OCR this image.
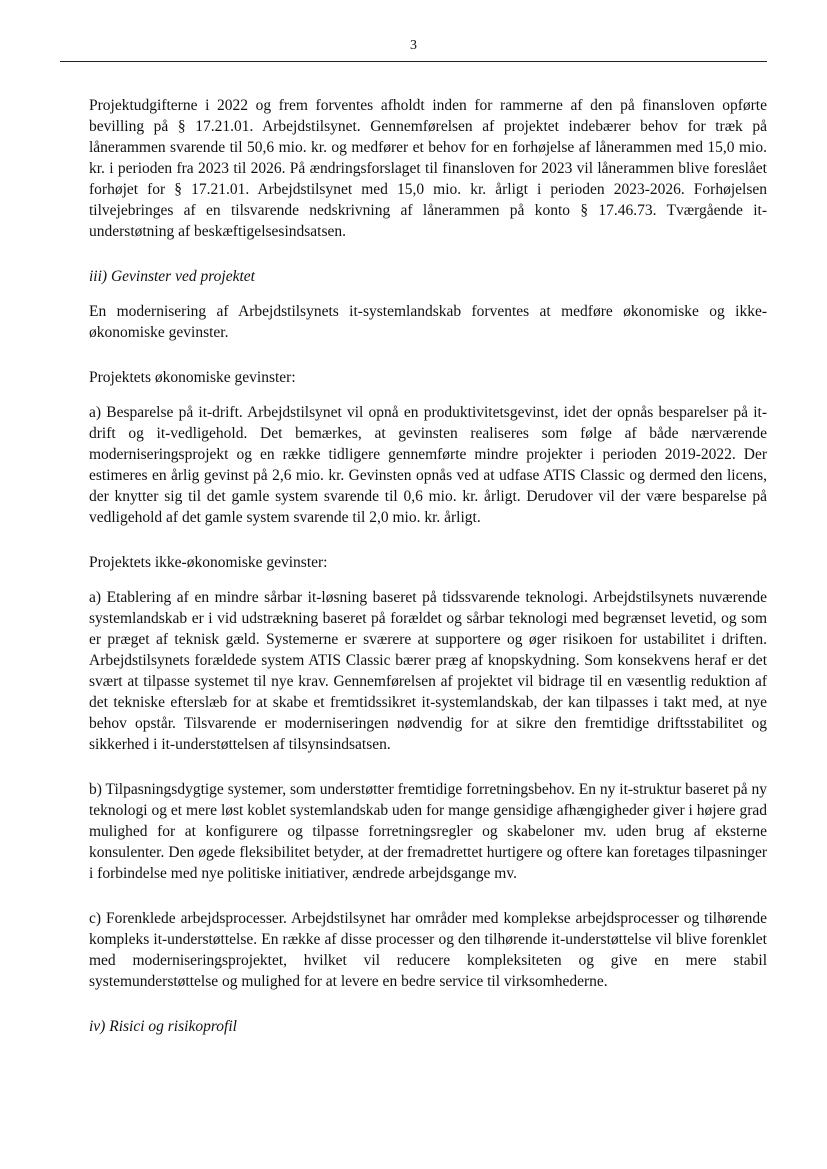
3

Projektudgifterne i 2022 og frem forventes afholdt inden for rammerne af den på finansloven opførte bevilling på § 17.21.01. Arbejdstilsynet. Gennemførelsen af projektet indebærer behov for træk på lånerammen svarende til 50,6 mio. kr. og medfører et behov for en forhøjelse af lånerammen med 15,0 mio. kr. i perioden fra 2023 til 2026. På ændringsforslaget til finansloven for 2023 vil lånerammen blive foreslået forhøjet for § 17.21.01. Arbejdstilsynet med 15,0 mio. kr. årligt i perioden 2023-2026. Forhøjelsen tilvejebringes af en tilsvarende nedskrivning af lånerammen på konto § 17.46.73. Tværgående it-understøtning af beskæftigelsesindsatsen.

iii) Gevinster ved projektet

En modernisering af Arbejdstilsynets it-systemlandskab forventes at medføre økonomiske og ikke-økonomiske gevinster.

Projektets økonomiske gevinster:

a) Besparelse på it-drift. Arbejdstilsynet vil opnå en produktivitetsgevinst, idet der opnås besparelser på it-drift og it-vedligehold. Det bemærkes, at gevinsten realiseres som følge af både nærværende moderniseringsprojekt og en række tidligere gennemførte mindre projekter i perioden 2019-2022. Der estimeres en årlig gevinst på 2,6 mio. kr. Gevinsten opnås ved at udfase ATIS Classic og dermed den licens, der knytter sig til det gamle system svarende til 0,6 mio. kr. årligt. Derudover vil der være besparelse på vedligehold af det gamle system svarende til 2,0 mio. kr. årligt.

Projektets ikke-økonomiske gevinster:

a) Etablering af en mindre sårbar it-løsning baseret på tidssvarende teknologi. Arbejdstilsynets nuværende systemlandskab er i vid udstrækning baseret på forældet og sårbar teknologi med begrænset levetid, og som er præget af teknisk gæld. Systemerne er sværere at supportere og øger risikoen for ustabilitet i driften. Arbejdstilsynets forældede system ATIS Classic bærer præg af knopskydning. Som konsekvens heraf er det svært at tilpasse systemet til nye krav. Gennemførelsen af projektet vil bidrage til en væsentlig reduktion af det tekniske efterslæb for at skabe et fremtidssikret it-systemlandskab, der kan tilpasses i takt med, at nye behov opstår. Tilsvarende er moderniseringen nødvendig for at sikre den fremtidige driftsstabilitet og sikkerhed i it-understøttelsen af tilsynsindsatsen.

b) Tilpasningsdygtige systemer, som understøtter fremtidige forretningsbehov. En ny it-struktur baseret på ny teknologi og et mere løst koblet systemlandskab uden for mange gensidige afhængigheder giver i højere grad mulighed for at konfigurere og tilpasse forretningsregler og skabeloner mv. uden brug af eksterne konsulenter. Den øgede fleksibilitet betyder, at der fremadrettet hurtigere og oftere kan foretages tilpasninger i forbindelse med nye politiske initiativer, ændrede arbejdsgange mv.

c) Forenklede arbejdsprocesser. Arbejdstilsynet har områder med komplekse arbejdsprocesser og tilhørende kompleks it-understøttelse. En række af disse processer og den tilhørende it-understøttelse vil blive forenklet med moderniseringsprojektet, hvilket vil reducere kompleksiteten og give en mere stabil systemunderstøttelse og mulighed for at levere en bedre service til virksomhederne.

iv) Risici og risikoprofil
